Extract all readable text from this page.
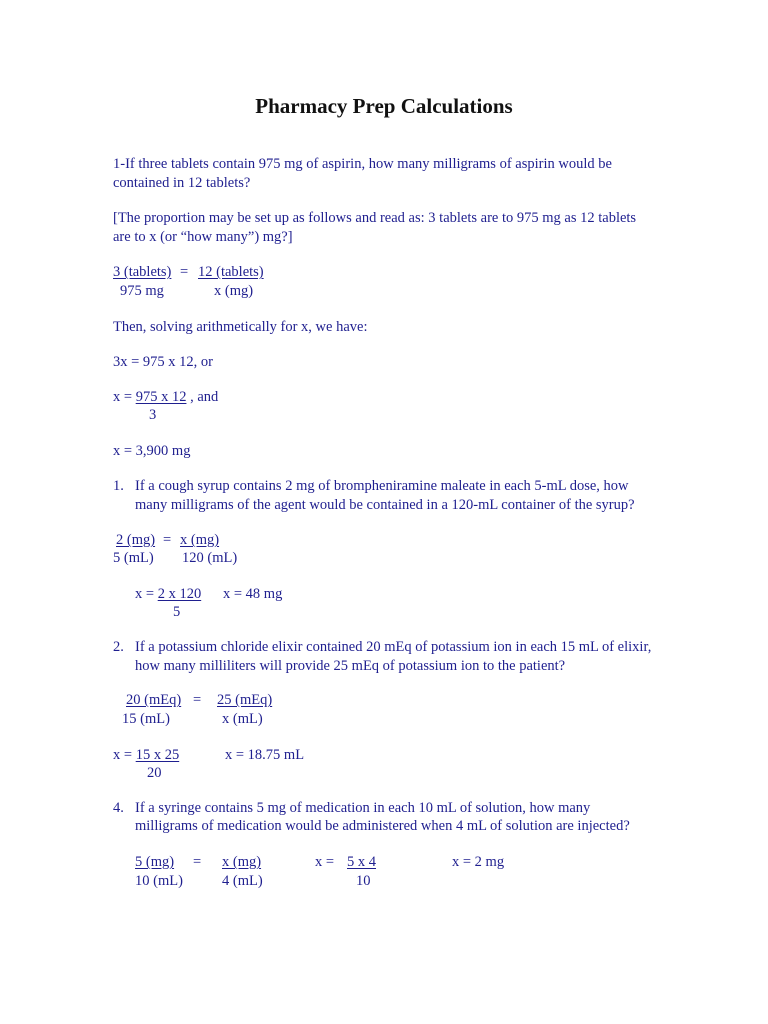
Pharmacy Prep Calculations
1-If three tablets contain 975 mg of aspirin, how many milligrams of aspirin would be
contained in 12 tablets?
[The proportion may be set up as follows and read as: 3 tablets are to 975 mg as 12 tablets
are to x (or “how many”) mg?]
3 (tablets) = 12 (tablets)
975 mg	x (mg)
Then, solving arithmetically for x, we have:
3x = 975 x 12, or
x = 975 x 12 , and
3
x = 3,900 mg
1. If a cough syrup contains 2 mg of brompheniramine maleate in each 5-mL dose, how
many milligrams of the agent would be contained in a 120-mL container of the syrup?
2 (mg) = x (mg)
5 (mL) 120 (mL)
x = 2 x 120
5
x = 48 mg
2. If a potassium chloride elixir contained 20 mEq of potassium ion in each 15 mL of elixir,
how many milliliters will provide 25 mEq of potassium ion to the patient?
20 (mEq) = 25 (mEq)
15 (mL)	x (mL)
x = 15 x 25
20
x = 18.75 mL
4. If a syringe contains 5 mg of medication in each 10 mL of solution, how many
milligrams of medication would be administered when 4 mL of solution are injected?
5 (mg) = x (mg)
10 (mL)	4 (mL)
x = 5 x 4
10
x = 2 mg
